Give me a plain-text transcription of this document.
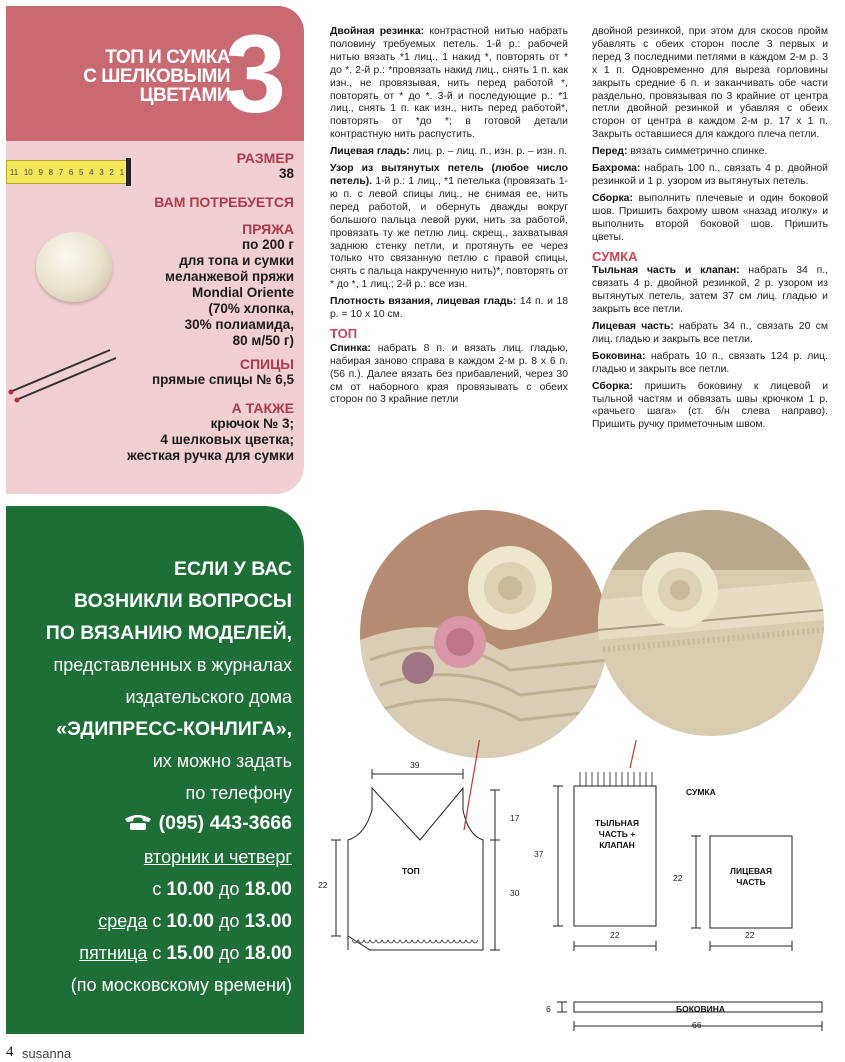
ТОП И СУМКА
С ШЕЛКОВЫМИ
ЦВЕТАМИ
3
11 10 9 8 7 6 5 4 3 2 1
РАЗМЕР
38
ВАМ ПОТРЕБУЕТСЯ
ПРЯЖА
по 200 г
для топа и сумки
меланжевой пряжи
Mondial Oriente
(70% хлопка,
30% полиамида,
80 м/50 г)
СПИЦЫ
прямые спицы № 6,5
А ТАКЖЕ
крючок № 3;
4 шелковых цветка;
жесткая ручка для сумки
ЕСЛИ У ВАС
ВОЗНИКЛИ ВОПРОСЫ
ПО ВЯЗАНИЮ МОДЕЛЕЙ,
представленных в журналах
издательского дома
«ЭДИПРЕСС-КОНЛИГА»,
их можно задать
по телефону
(095) 443-3666
вторник и четверг
с 10.00 до 18.00
среда с 10.00 до 13.00
пятница с 15.00 до 18.00
(по московскому времени)

Двойная резинка: контрастной нитью набрать половину требуемых петель. 1-й р.: рабочей нитью вязать *1 лиц., 1 накид *, повторять от * до *. 2-й р.: *провязать накид лиц., снять 1 п. как изн., не провязывая, нить перед работой *, повторять от * до *. 3-й и последующие р.: *1 лиц., снять 1 п. как изн., нить перед работой*, повторять от *до *; в готовой детали контрастную нить распустить.

Лицевая гладь: лиц. р. – лиц. п., изн. р. – изн. п.

Узор из вытянутых петель (любое число петель). 1-й р.: 1 лиц., *1 петелька (провязать 1-ю п. с левой спицы лиц., не снимая ее, нить перед работой, и обернуть дважды вокруг большого пальца левой руки, нить за работой, провязать ту же петлю лиц. скрещ., захватывая заднюю стенку петли, и протянуть ее через только что связанную петлю с правой спицы, снять с пальца накрученную нить)*, повторять от * до *, 1 лиц.; 2-й р.: все изн.

Плотность вязания, лицевая гладь: 14 п. и 18 р. = 10 х 10 см.

ТОП

Спинка: набрать 8 п. и вязать лиц. гладью, набирая заново справа в каждом 2-м р. 8 х 6 п. (56 п.). Далее вязать без прибавлений, через 30 см от наборного края провязывать с обеих сторон по 3 крайние петли

двойной резинкой, при этом для скосов пройм убавлять с обеих сторон после 3 первых и перед 3 последними петлями в каждом 2-м р. 3 х 1 п. Одновременно для выреза горловины закрыть средние 6 п. и заканчивать обе части раздельно, провязывая по 3 крайние от центра петли двойной резинкой и убавляя с обеих сторон от центра в каждом 2-м р. 17 х 1 п. Закрыть оставшиеся для каждого плеча петли.

Перед: вязать симметрично спинке.

Бахрома: набрать 100 п., связать 4 р. двойной резинкой и 1 р. узором из вытянутых петель.

Сборка: выполнить плечевые и один боковой шов. Пришить бахрому швом «назад иголку» и выполнить второй боковой шов. Пришить цветы.

СУМКА

Тыльная часть и клапан: набрать 34 п., связать 4 р. двойной резинкой, 2 р. узором из вытянутых петель, затем 37 см лиц. гладью и закрыть все петли.

Лицевая часть: набрать 34 п., связать 20 см лиц. гладью и закрыть все петли.

Боковина: набрать 10 п., связать 124 р. лиц. гладью и закрыть все петли.

Сборка: пришить боковину к лицевой и тыльной частям и обвязать швы крючком 1 р. «рачьего шага» (ст. б/н слева направо). Пришить ручку приметочным швом.

39
17
30
22
ТОП
СУМКА
ТЫЛЬНАЯ
ЧАСТЬ +
КЛАПАН
37
22
ЛИЦЕВАЯ
ЧАСТЬ
22
22
БОКОВИНА
6
66
4 susanna
